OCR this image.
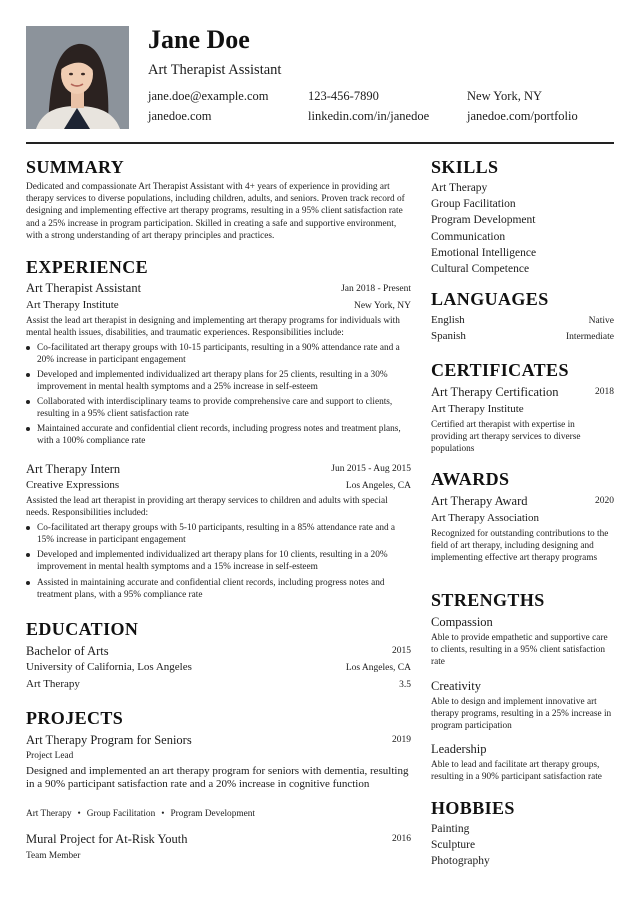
Jane Doe
Art Therapist Assistant
jane.doe@example.com	123-456-7890	New York, NY
janedoe.com	linkedin.com/in/janedoe	janedoe.com/portfolio
SUMMARY
Dedicated and compassionate Art Therapist Assistant with 4+ years of experience in providing art therapy services to diverse populations, including children, adults, and seniors. Proven track record of designing and implementing effective art therapy programs, resulting in a 95% client satisfaction rate and a 25% increase in program participation. Skilled in creating a safe and supportive environment, with a strong understanding of art therapy principles and practices.
EXPERIENCE
Art Therapist Assistant	Jan 2018 - Present
Art Therapy Institute	New York, NY
Assist the lead art therapist in designing and implementing art therapy programs for individuals with mental health issues, disabilities, and traumatic experiences. Responsibilities include:
Co-facilitated art therapy groups with 10-15 participants, resulting in a 90% attendance rate and a 20% increase in participant engagement
Developed and implemented individualized art therapy plans for 25 clients, resulting in a 30% improvement in mental health symptoms and a 25% increase in self-esteem
Collaborated with interdisciplinary teams to provide comprehensive care and support to clients, resulting in a 95% client satisfaction rate
Maintained accurate and confidential client records, including progress notes and treatment plans, with a 100% compliance rate
Art Therapy Intern	Jun 2015 - Aug 2015
Creative Expressions	Los Angeles, CA
Assisted the lead art therapist in providing art therapy services to children and adults with special needs. Responsibilities included:
Co-facilitated art therapy groups with 5-10 participants, resulting in a 85% attendance rate and a 15% increase in participant engagement
Developed and implemented individualized art therapy plans for 10 clients, resulting in a 20% improvement in mental health symptoms and a 15% increase in self-esteem
Assisted in maintaining accurate and confidential client records, including progress notes and treatment plans, with a 95% compliance rate
EDUCATION
Bachelor of Arts	2015
University of California, Los Angeles	Los Angeles, CA
Art Therapy	3.5
PROJECTS
Art Therapy Program for Seniors	2019
Project Lead
Designed and implemented an art therapy program for seniors with dementia, resulting in a 90% participant satisfaction rate and a 20% increase in cognitive function
Art Therapy • Group Facilitation • Program Development
Mural Project for At-Risk Youth	2016
Team Member
SKILLS
Art Therapy
Group Facilitation
Program Development
Communication
Emotional Intelligence
Cultural Competence
LANGUAGES
English	Native
Spanish	Intermediate
CERTIFICATES
Art Therapy Certification	2018
Art Therapy Institute
Certified art therapist with expertise in providing art therapy services to diverse populations
AWARDS
Art Therapy Award	2020
Art Therapy Association
Recognized for outstanding contributions to the field of art therapy, including designing and implementing effective art therapy programs
STRENGTHS
Compassion
Able to provide empathetic and supportive care to clients, resulting in a 95% client satisfaction rate
Creativity
Able to design and implement innovative art therapy programs, resulting in a 25% increase in program participation
Leadership
Able to lead and facilitate art therapy groups, resulting in a 90% participant satisfaction rate
HOBBIES
Painting
Sculpture
Photography
